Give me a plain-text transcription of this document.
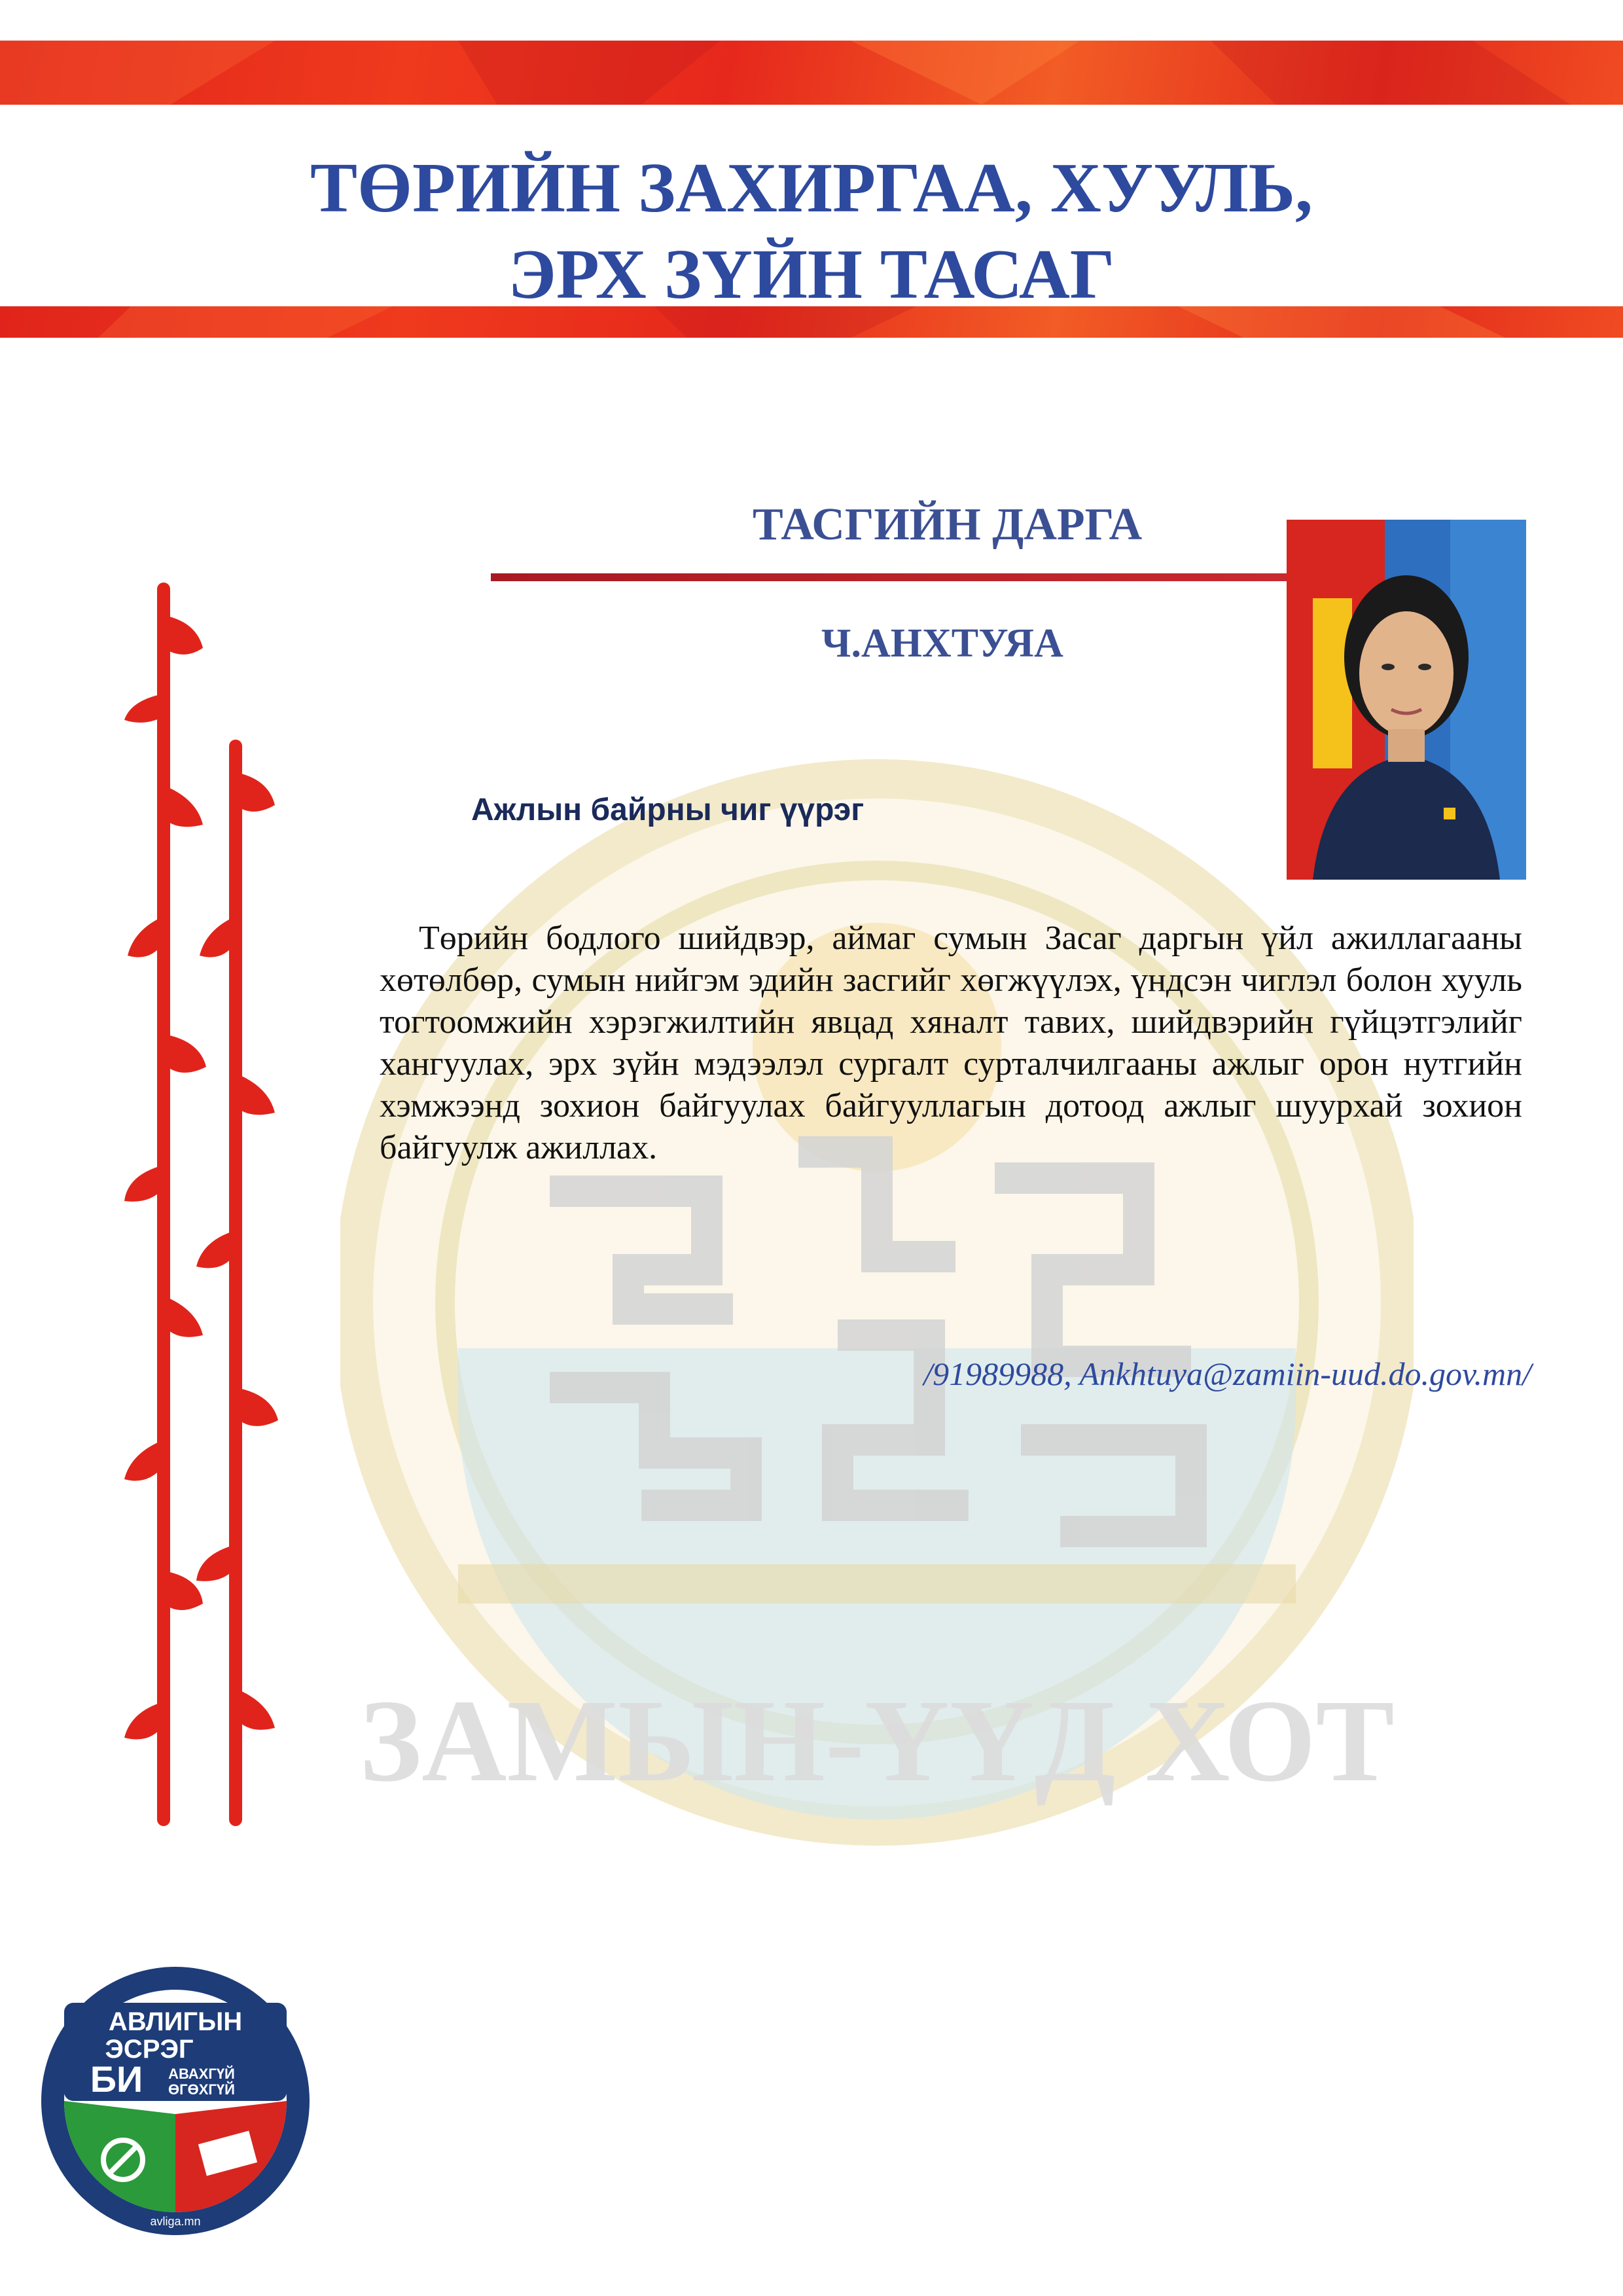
ТӨРИЙН ЗАХИРГАА, ХУУЛЬ,
ЭРХ ЗҮЙН ТАСАГ
ЗАМЫН-ҮҮД ХОТ
ТАСГИЙН ДАРГА
Ч.АНХТУЯА
Ажлын байрны чиг үүрэг
Төрийн бодлого шийдвэр, аймаг сумын Засаг даргын үйл ажиллагааны хөтөлбөр, сумын нийгэм эдийн засгийг хөгжүүлэх, үндсэн чиглэл болон хууль тогтоомжийн хэрэгжилтийн явцад хяналт тавих, шийдвэрийн гүйцэтгэлийг хангуулах, эрх зүйн мэдээлэл сургалт сурталчилгааны ажлыг орон нутгийн хэмжээнд зохион байгуулах байгууллагын дотоод ажлыг шуурхай зохион байгуулж ажиллах.
/91989988, Ankhtuya@zamiin-uud.do.gov.mn/
АВЛИГЫН
ЭСРЭГ
БИ АВАХГҮЙ
ӨГӨХГҮЙ
avliga.mn
